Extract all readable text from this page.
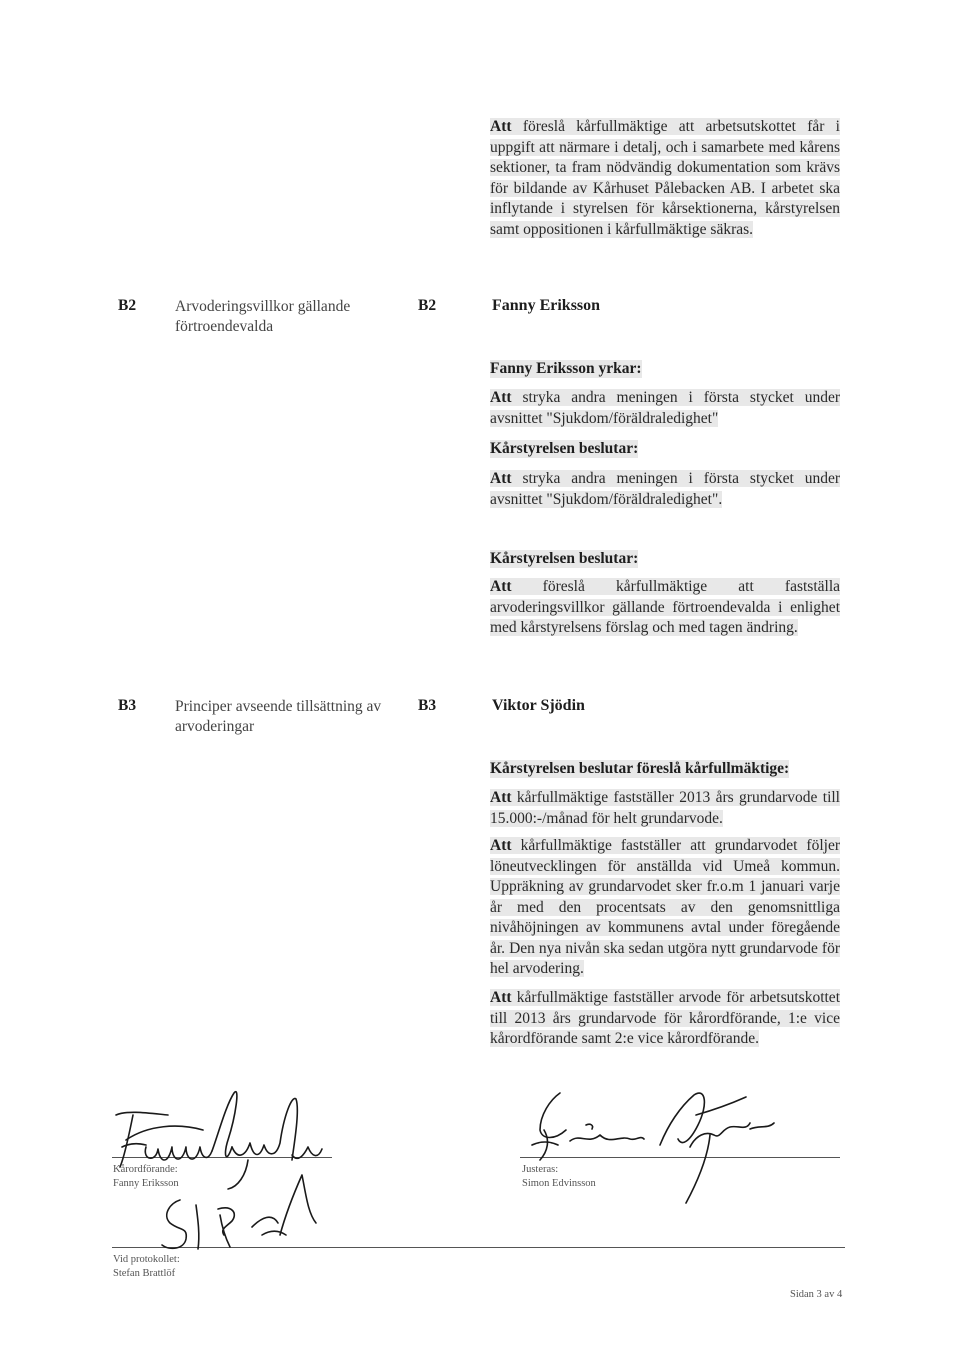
Att föreslå kårfullmäktige att arbetsutskottet får i uppgift att närmare i detalj, och i samarbete med kårens sektioner, ta fram nödvändig dokumentation som krävs för bildande av Kårhuset Pålebacken AB. I arbetet ska inflytande i styrelsen för kårsektionerna, kårstyrelsen samt oppositionen i kårfullmäktige säkras.

B2	Arvoderingsvillkor gällande förtroendevalda
B2	Fanny Eriksson
Fanny Eriksson yrkar:

Att stryka andra meningen i första stycket under avsnittet "Sjukdom/föräldraledighet"

Kårstyrelsen beslutar:

Att stryka andra meningen i första stycket under avsnittet "Sjukdom/föräldraledighet".

Kårstyrelsen beslutar:

Att föreslå kårfullmäktige att fastställa arvoderingsvillkor gällande förtroendevalda i enlighet med kårstyrelsens förslag och med tagen ändring.

B3	Principer avseende tillsättning av arvoderingar
B3	Viktor Sjödin
Kårstyrelsen beslutar föreslå kårfullmäktige:

Att kårfullmäktige fastställer 2013 års grundarvode till 15.000:-/månad för helt grundarvode.

Att kårfullmäktige fastställer att grundarvodet följer löneutvecklingen för anställda vid Umeå kommun. Uppräkning av grundarvodet sker fr.o.m 1 januari varje år med den procentsats av den genomsnittliga nivåhöjningen av kommunens avtal under föregående år. Den nya nivån ska sedan utgöra nytt grundarvode för hel arvodering.

Att kårfullmäktige fastställer arvode för arbetsutskottet till 2013 års grundarvode för kårordförande, 1:e vice kårordförande samt 2:e vice kårordförande.

Kårordförande:
Fanny Eriksson
Justeras:
Simon Edvinsson
Vid protokollet:
Stefan Brattlöf
Sidan 3 av 4
